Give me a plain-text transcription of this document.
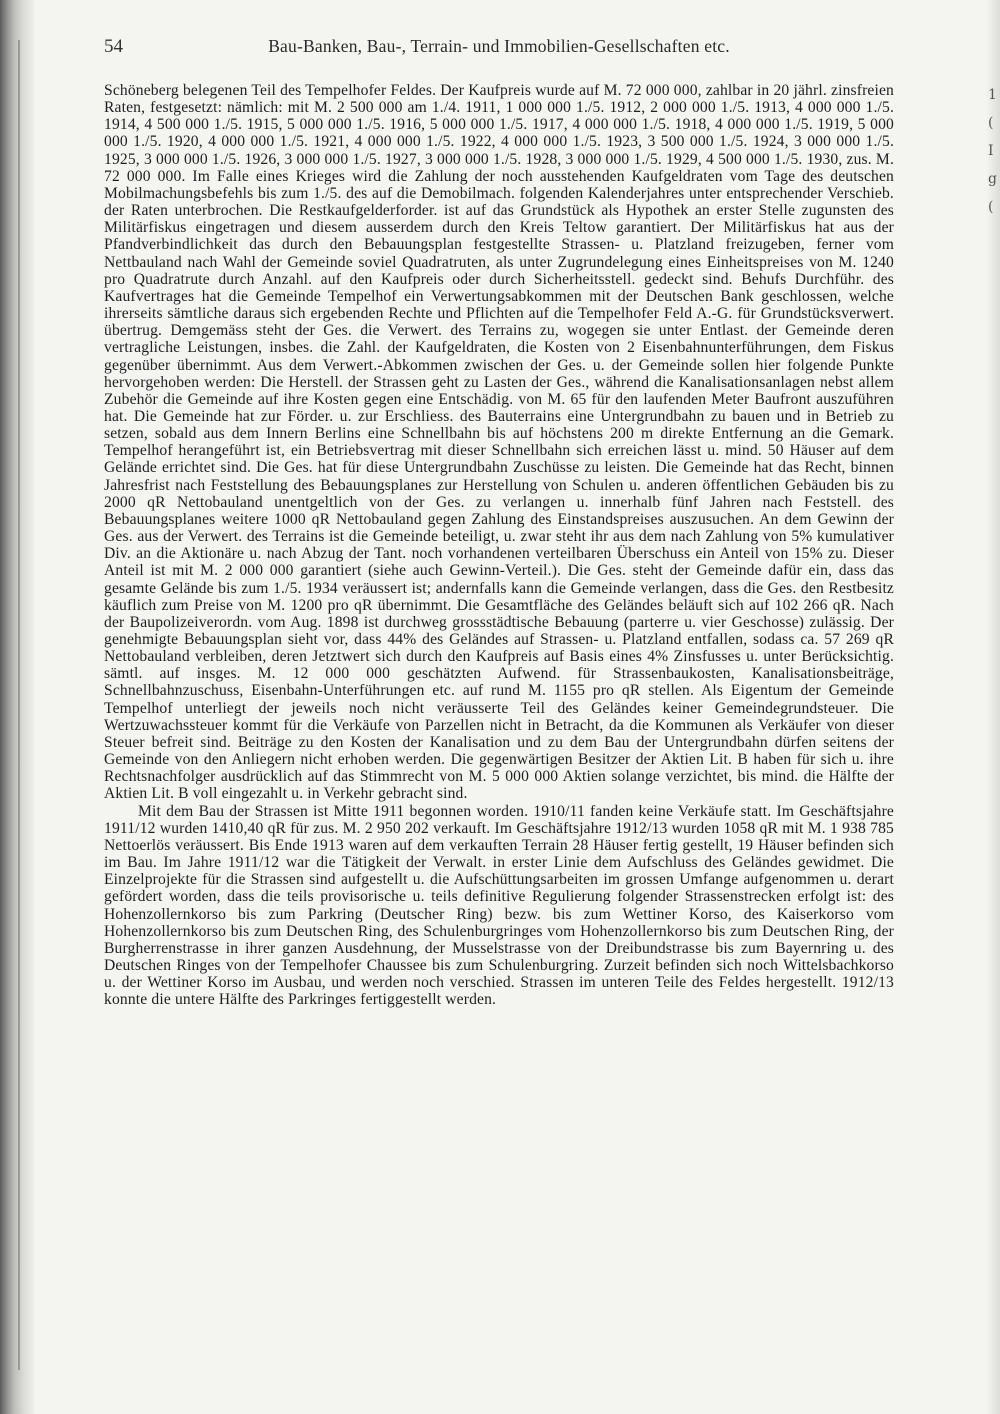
1
(
I
g
(
54	Bau-Banken, Bau-, Terrain- und Immobilien-Gesellschaften etc.

Schöneberg belegenen Teil des Tempelhofer Feldes. Der Kaufpreis wurde auf M. 72 000 000, zahlbar in 20 jährl. zinsfreien Raten, festgesetzt: nämlich: mit M. 2 500 000 am 1./4. 1911, 1 000 000 1./5. 1912, 2 000 000 1./5. 1913, 4 000 000 1./5. 1914, 4 500 000 1./5. 1915, 5 000 000 1./5. 1916, 5 000 000 1./5. 1917, 4 000 000 1./5. 1918, 4 000 000 1./5. 1919, 5 000 000 1./5. 1920, 4 000 000 1./5. 1921, 4 000 000 1./5. 1922, 4 000 000 1./5. 1923, 3 500 000 1./5. 1924, 3 000 000 1./5. 1925, 3 000 000 1./5. 1926, 3 000 000 1./5. 1927, 3 000 000 1./5. 1928, 3 000 000 1./5. 1929, 4 500 000 1./5. 1930, zus. M. 72 000 000. Im Falle eines Krieges wird die Zahlung der noch ausstehenden Kaufgeldraten vom Tage des deutschen Mobilmachungsbefehls bis zum 1./5. des auf die Demobilmach. folgenden Kalenderjahres unter entsprechender Verschieb. der Raten unterbrochen. Die Restkaufgelderforder. ist auf das Grundstück als Hypothek an erster Stelle zugunsten des Militärfiskus eingetragen und diesem ausserdem durch den Kreis Teltow garantiert. Der Militärfiskus hat aus der Pfandverbindlichkeit das durch den Bebauungsplan festgestellte Strassen- u. Platzland freizugeben, ferner vom Nettbauland nach Wahl der Gemeinde soviel Quadratruten, als unter Zugrundelegung eines Einheitspreises von M. 1240 pro Quadratrute durch Anzahl. auf den Kaufpreis oder durch Sicherheitsstell. gedeckt sind. Behufs Durchführ. des Kaufvertrages hat die Gemeinde Tempelhof ein Verwertungsabkommen mit der Deutschen Bank geschlossen, welche ihrerseits sämtliche daraus sich ergebenden Rechte und Pflichten auf die Tempelhofer Feld A.-G. für Grundstücksverwert. übertrug. Demgemäss steht der Ges. die Verwert. des Terrains zu, wogegen sie unter Entlast. der Gemeinde deren vertragliche Leistungen, insbes. die Zahl. der Kaufgeldraten, die Kosten von 2 Eisenbahnunterführungen, dem Fiskus gegenüber übernimmt. Aus dem Verwert.-Abkommen zwischen der Ges. u. der Gemeinde sollen hier folgende Punkte hervorgehoben werden: Die Herstell. der Strassen geht zu Lasten der Ges., während die Kanalisationsanlagen nebst allem Zubehör die Gemeinde auf ihre Kosten gegen eine Entschädig. von M. 65 für den laufenden Meter Baufront auszuführen hat. Die Gemeinde hat zur Förder. u. zur Erschliess. des Bauterrains eine Untergrundbahn zu bauen und in Betrieb zu setzen, sobald aus dem Innern Berlins eine Schnellbahn bis auf höchstens 200 m direkte Entfernung an die Gemark. Tempelhof herangeführt ist, ein Betriebsvertrag mit dieser Schnellbahn sich erreichen lässt u. mind. 50 Häuser auf dem Gelände errichtet sind. Die Ges. hat für diese Untergrundbahn Zuschüsse zu leisten. Die Gemeinde hat das Recht, binnen Jahresfrist nach Feststellung des Bebauungsplanes zur Herstellung von Schulen u. anderen öffentlichen Gebäuden bis zu 2000 qR Nettobauland unentgeltlich von der Ges. zu verlangen u. innerhalb fünf Jahren nach Feststell. des Bebauungsplanes weitere 1000 qR Nettobauland gegen Zahlung des Einstandspreises auszusuchen. An dem Gewinn der Ges. aus der Verwert. des Terrains ist die Gemeinde beteiligt, u. zwar steht ihr aus dem nach Zahlung von 5% kumulativer Div. an die Aktionäre u. nach Abzug der Tant. noch vorhandenen verteilbaren Überschuss ein Anteil von 15% zu. Dieser Anteil ist mit M. 2 000 000 garantiert (siehe auch Gewinn-Verteil.). Die Ges. steht der Gemeinde dafür ein, dass das gesamte Gelände bis zum 1./5. 1934 veräussert ist; andernfalls kann die Gemeinde verlangen, dass die Ges. den Restbesitz käuflich zum Preise von M. 1200 pro qR übernimmt. Die Gesamtfläche des Geländes beläuft sich auf 102 266 qR. Nach der Baupolizeiverordn. vom Aug. 1898 ist durchweg grossstädtische Bebauung (parterre u. vier Geschosse) zulässig. Der genehmigte Bebauungsplan sieht vor, dass 44% des Geländes auf Strassen- u. Platzland entfallen, sodass ca. 57 269 qR Nettobauland verbleiben, deren Jetztwert sich durch den Kaufpreis auf Basis eines 4% Zinsfusses u. unter Berücksichtig. sämtl. auf insges. M. 12 000 000 geschätzten Aufwend. für Strassenbaukosten, Kanalisationsbeiträge, Schnellbahnzuschuss, Eisenbahn-Unterführungen etc. auf rund M. 1155 pro qR stellen. Als Eigentum der Gemeinde Tempelhof unterliegt der jeweils noch nicht veräusserte Teil des Geländes keiner Gemeindegrundsteuer. Die Wertzuwachssteuer kommt für die Verkäufe von Parzellen nicht in Betracht, da die Kommunen als Verkäufer von dieser Steuer befreit sind. Beiträge zu den Kosten der Kanalisation und zu dem Bau der Untergrundbahn dürfen seitens der Gemeinde von den Anliegern nicht erhoben werden. Die gegenwärtigen Besitzer der Aktien Lit. B haben für sich u. ihre Rechtsnachfolger ausdrücklich auf das Stimmrecht von M. 5 000 000 Aktien solange verzichtet, bis mind. die Hälfte der Aktien Lit. B voll eingezahlt u. in Verkehr gebracht sind.

Mit dem Bau der Strassen ist Mitte 1911 begonnen worden. 1910/11 fanden keine Verkäufe statt. Im Geschäftsjahre 1911/12 wurden 1410,40 qR für zus. M. 2 950 202 verkauft. Im Geschäftsjahre 1912/13 wurden 1058 qR mit M. 1 938 785 Nettoerlös veräussert. Bis Ende 1913 waren auf dem verkauften Terrain 28 Häuser fertig gestellt, 19 Häuser befinden sich im Bau. Im Jahre 1911/12 war die Tätigkeit der Verwalt. in erster Linie dem Aufschluss des Geländes gewidmet. Die Einzelprojekte für die Strassen sind aufgestellt u. die Aufschüttungsarbeiten im grossen Umfange aufgenommen u. derart gefördert worden, dass die teils provisorische u. teils definitive Regulierung folgender Strassenstrecken erfolgt ist: des Hohenzollernkorso bis zum Parkring (Deutscher Ring) bezw. bis zum Wettiner Korso, des Kaiserkorso vom Hohenzollernkorso bis zum Deutschen Ring, des Schulenburgringes vom Hohenzollernkorso bis zum Deutschen Ring, der Burgherrenstrasse in ihrer ganzen Ausdehnung, der Musselstrasse von der Dreibundstrasse bis zum Bayernring u. des Deutschen Ringes von der Tempelhofer Chaussee bis zum Schulenburgring. Zurzeit befinden sich noch Wittelsbachkorso u. der Wettiner Korso im Ausbau, und werden noch verschied. Strassen im unteren Teile des Feldes hergestellt. 1912/13 konnte die untere Hälfte des Parkringes fertiggestellt werden.
